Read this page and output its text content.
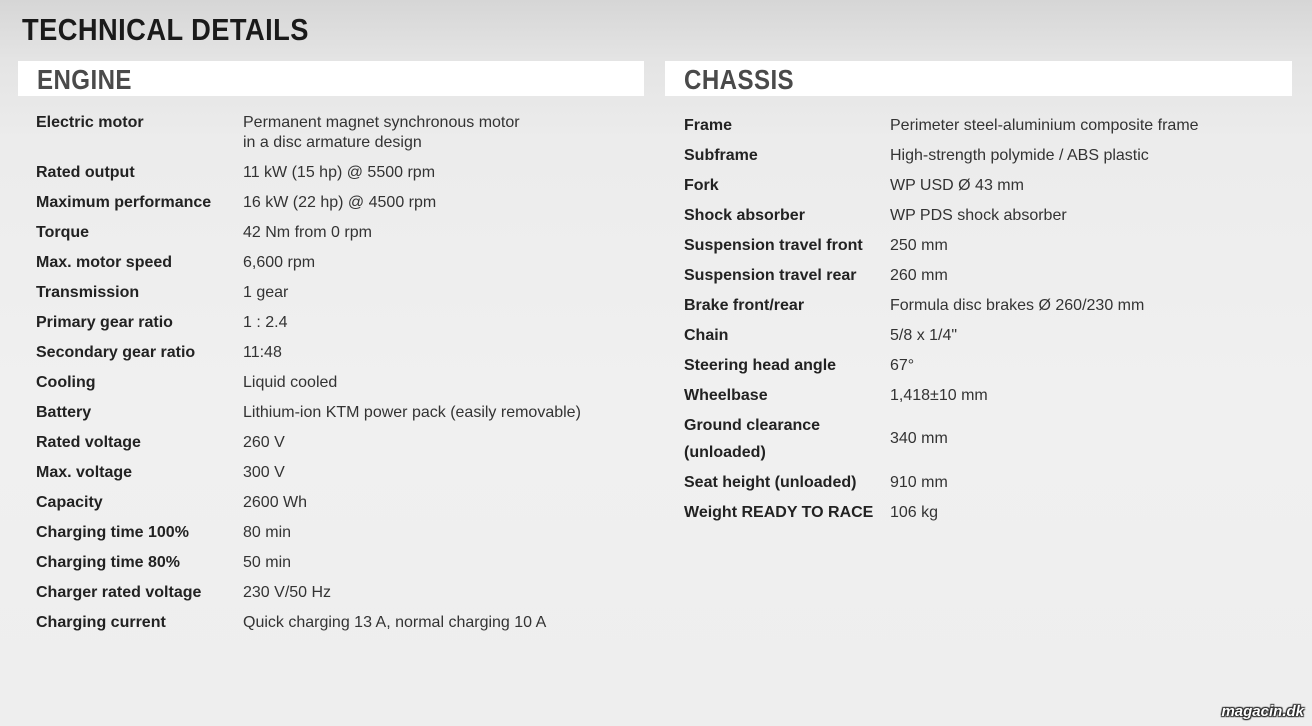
TECHNICAL DETAILS
ENGINE
Electric motor	Permanent magnet synchronous motor
in a disc armature design

Rated output	11 kW (15 hp) @ 5500 rpm
Maximum performance	16 kW (22 hp) @ 4500 rpm
Torque	42 Nm from 0 rpm
Max. motor speed	6,600 rpm
Transmission	1 gear
Primary gear ratio	1 : 2.4
Secondary gear ratio	11:48
Cooling	Liquid cooled
Battery	Lithium-ion KTM power pack (easily removable)
Rated voltage	260 V
Max. voltage	300 V
Capacity	2600 Wh
Charging time 100%	80 min
Charging time 80%	50 min
Charger rated voltage	230 V/50 Hz
Charging current	Quick charging 13 A, normal charging 10 A
CHASSIS
Frame	Perimeter steel-aluminium composite frame
Subframe	High-strength polymide / ABS plastic
Fork	WP USD Ø 43 mm
Shock absorber	WP PDS shock absorber
Suspension travel front	250 mm
Suspension travel rear	260 mm
Brake front/rear	Formula disc brakes Ø 260/230 mm
Chain	5/8 x 1/4"
Steering head angle	67°
Wheelbase	1,418±10 mm

Ground clearance
(unloaded)	340 mm
Seat height (unloaded)	910 mm
Weight READY TO RACE	106 kg
magacin.dk
